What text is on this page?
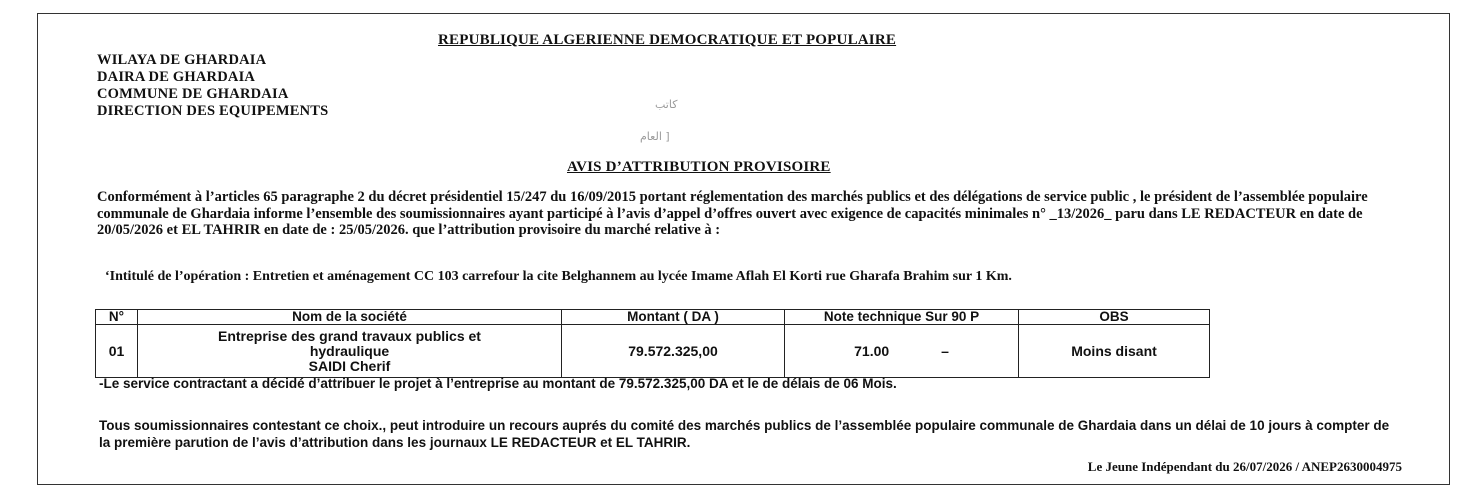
REPUBLIQUE ALGERIENNE DEMOCRATIQUE ET POPULAIRE
WILAYA DE GHARDAIA
DAIRA DE GHARDAIA
COMMUNE DE GHARDAIA
DIRECTION DES EQUIPEMENTS	كاتب
العام ]
AVIS D’ATTRIBUTION PROVISOIRE
Conformément à l’articles 65 paragraphe 2 du décret présidentiel 15/247 du 16/09/2015 portant réglementation des marchés publics et des délégations de service public , le président de l’assemblée populaire communale de Ghardaia informe l’ensemble des soumissionnaires ayant participé à l’avis d’appel d’offres ouvert avec exigence de capacités minimales n° _13/2026_ paru dans LE REDACTEUR en date de 20/05/2026 et EL TAHRIR en date de : 25/05/2026. que l’attribution provisoire du marché relative à :
‘Intitulé de l’opération : Entretien et aménagement CC 103 carrefour la cite Belghannem au lycée Imame Aflah El Korti rue Gharafa Brahim sur 1 Km.
N°	Nom de la société	Montant ( DA )	Note technique Sur 90 P	OBS
01	Entreprise des grand travaux publics et
hydraulique
SAIDI Cherif	79.572.325,00	71.00 –	Moins disant
-Le service contractant a décidé d’attribuer le projet à l’entreprise au montant de 79.572.325,00 DA et le de délais de 06 Mois.
Tous soumissionnaires contestant ce choix., peut introduire un recours auprés du comité des marchés publics de l’assemblée populaire communale de Ghardaia dans un délai de 10 jours à compter de la première parution de l’avis d’attribution dans les journaux LE REDACTEUR et EL TAHRIR.
Le Jeune Indépendant du 26/07/2026 / ANEP2630004975
